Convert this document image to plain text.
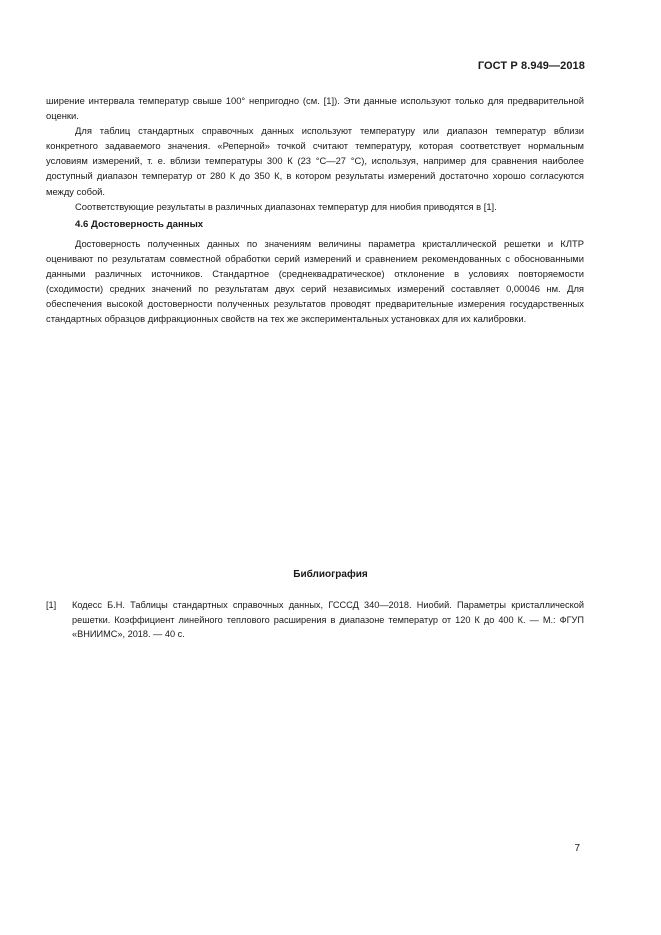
ГОСТ Р 8.949—2018

ширение интервала температур свыше 100° непригодно (см. [1]). Эти данные используют только для предварительной оценки.

Для таблиц стандартных справочных данных используют температуру или диапазон температур вблизи конкретного задаваемого значения. «Реперной» точкой считают температуру, которая соответствует нормальным условиям измерений, т. е. вблизи температуры 300 К (23 °С—27 °С), используя, например для сравнения наиболее доступный диапазон температур от 280 К до 350 К, в котором результаты измерений достаточно хорошо согласуются между собой.

Соответствующие результаты в различных диапазонах температур для ниобия приводятся в [1].

4.6 Достоверность данных

Достоверность полученных данных по значениям величины параметра кристаллической решетки и КЛТР оценивают по результатам совместной обработки серий измерений и сравнением рекомендованных с обоснованными данными различных источников. Стандартное (среднеквадратическое) отклонение в условиях повторяемости (сходимости) средних значений по результатам двух серий независимых измерений составляет 0,00046 нм. Для обеспечения высокой достоверности полученных результатов проводят предварительные измерения государственных стандартных образцов дифракционных свойств на тех же экспериментальных установках для их калибровки.

Библиография
[1]	Кодесс Б.Н. Таблицы стандартных справочных данных, ГСССД 340—2018. Ниобий. Параметры кристаллической решетки. Коэффициент линейного теплового расширения в диапазоне температур от 120 К до 400 К. — М.: ФГУП «ВНИИМС», 2018. — 40 с.
7
